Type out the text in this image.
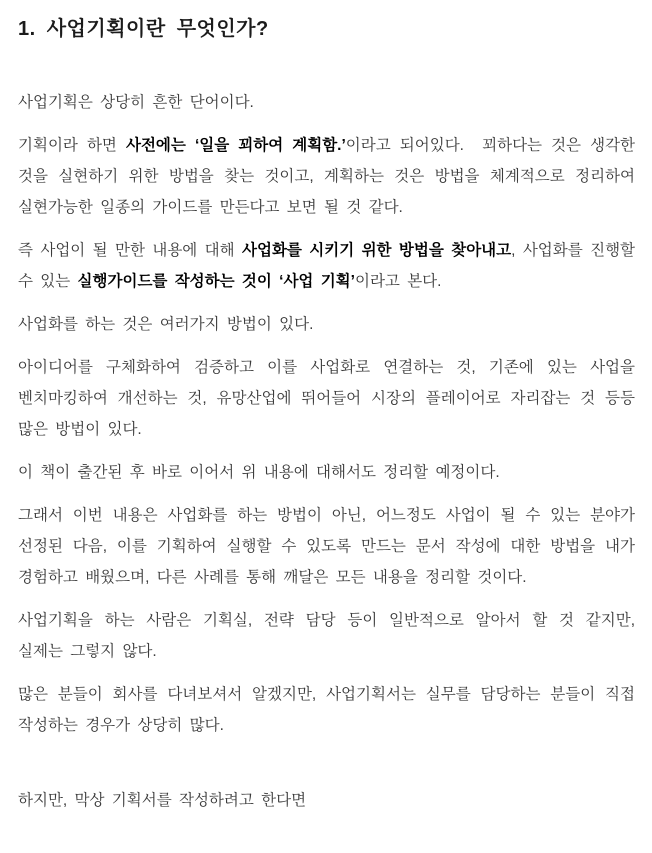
1. 사업기획이란 무엇인가?

사업기획은 상당히 흔한 단어이다.

기획이라 하면 사전에는 ‘일을 꾀하여 계획함.’이라고 되어있다.  꾀하다는 것은 생각한 것을 실현하기 위한 방법을 찾는 것이고, 계획하는 것은 방법을 체계적으로 정리하여 실현가능한 일종의 가이드를 만든다고 보면 될 것 같다.

즉 사업이 될 만한 내용에 대해 사업화를 시키기 위한 방법을 찾아내고, 사업화를 진행할 수 있는 실행가이드를 작성하는 것이 ‘사업 기획’이라고 본다.

사업화를 하는 것은 여러가지 방법이 있다.

아이디어를 구체화하여 검증하고 이를 사업화로 연결하는 것, 기존에 있는 사업을 벤치마킹하여 개선하는 것, 유망산업에 뛰어들어 시장의 플레이어로 자리잡는 것 등등 많은 방법이 있다.

이 책이 출간된 후 바로 이어서 위 내용에 대해서도 정리할 예정이다.

그래서 이번 내용은 사업화를 하는 방법이 아닌, 어느정도 사업이 될 수 있는 분야가 선정된 다음, 이를 기획하여 실행할 수 있도록 만드는 문서 작성에 대한 방법을 내가 경험하고 배웠으며, 다른 사례를 통해 깨달은 모든 내용을 정리할 것이다.

사업기획을 하는 사람은 기획실, 전략 담당 등이 일반적으로 알아서 할 것 같지만, 실제는 그렇지 않다.

많은 분들이 회사를 다녀보셔서 알겠지만, 사업기획서는 실무를 담당하는 분들이 직접 작성하는 경우가 상당히 많다.

하지만, 막상 기획서를 작성하려고 한다면
